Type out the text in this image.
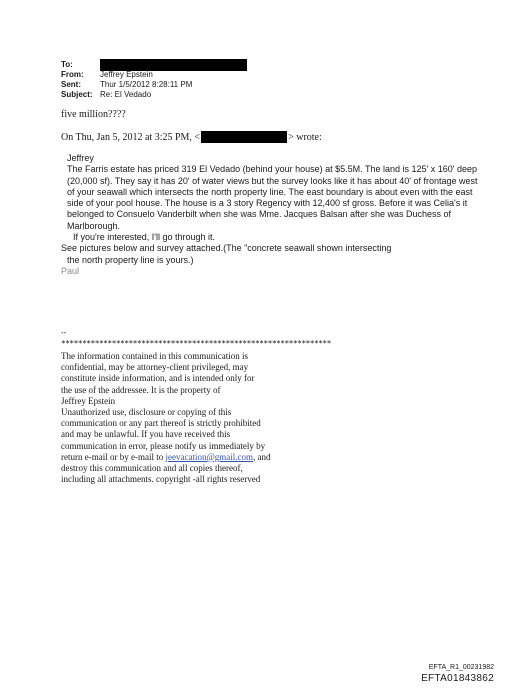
To:
From:	Jeffrey Epstein
Sent:	Thur 1/5/2012 8:28:11 PM
Subject: Re: El Vedado
five million????
On Thu, Jan 5, 2012 at 3:25 PM, <	> wrote:

Jeffrey

The Farris estate has priced 319 El Vedado (behind your house) at $5.5M. The land is 125' x 160' deep (20,000 sf). They say it has 20' of water views but the survey looks like it has about 40' of frontage west of your seawall which intersects the north property line. The east boundary is about even with the east side of your pool house. The house is a 3 story Regency with 12,400 sf gross. Before it was Celia's it belonged to Consuelo Vanderbilt when she was Mme. Jacques Balsan after she was Duchess of Marlborough.

If you're interested, I'll go through it.

See pictures below and survey attached.(The "concrete seawall shown intersecting

the north property line is yours.)

Paul

--
****************************************************************

The information contained in this communication is

confidential, may be attorney-client privileged, may

constitute inside information, and is intended only for

the use of the addressee. It is the property of

Jeffrey Epstein

Unauthorized use, disclosure or copying of this

communication or any part thereof is strictly prohibited

and may be unlawful. If you have received this

communication in error, please notify us immediately by

return e-mail or by e-mail to jeevacation@gmail.com, and

destroy this communication and all copies thereof,

including all attachments. copyright -all rights reserved

EFTA_R1_00231982
EFTA01843862
